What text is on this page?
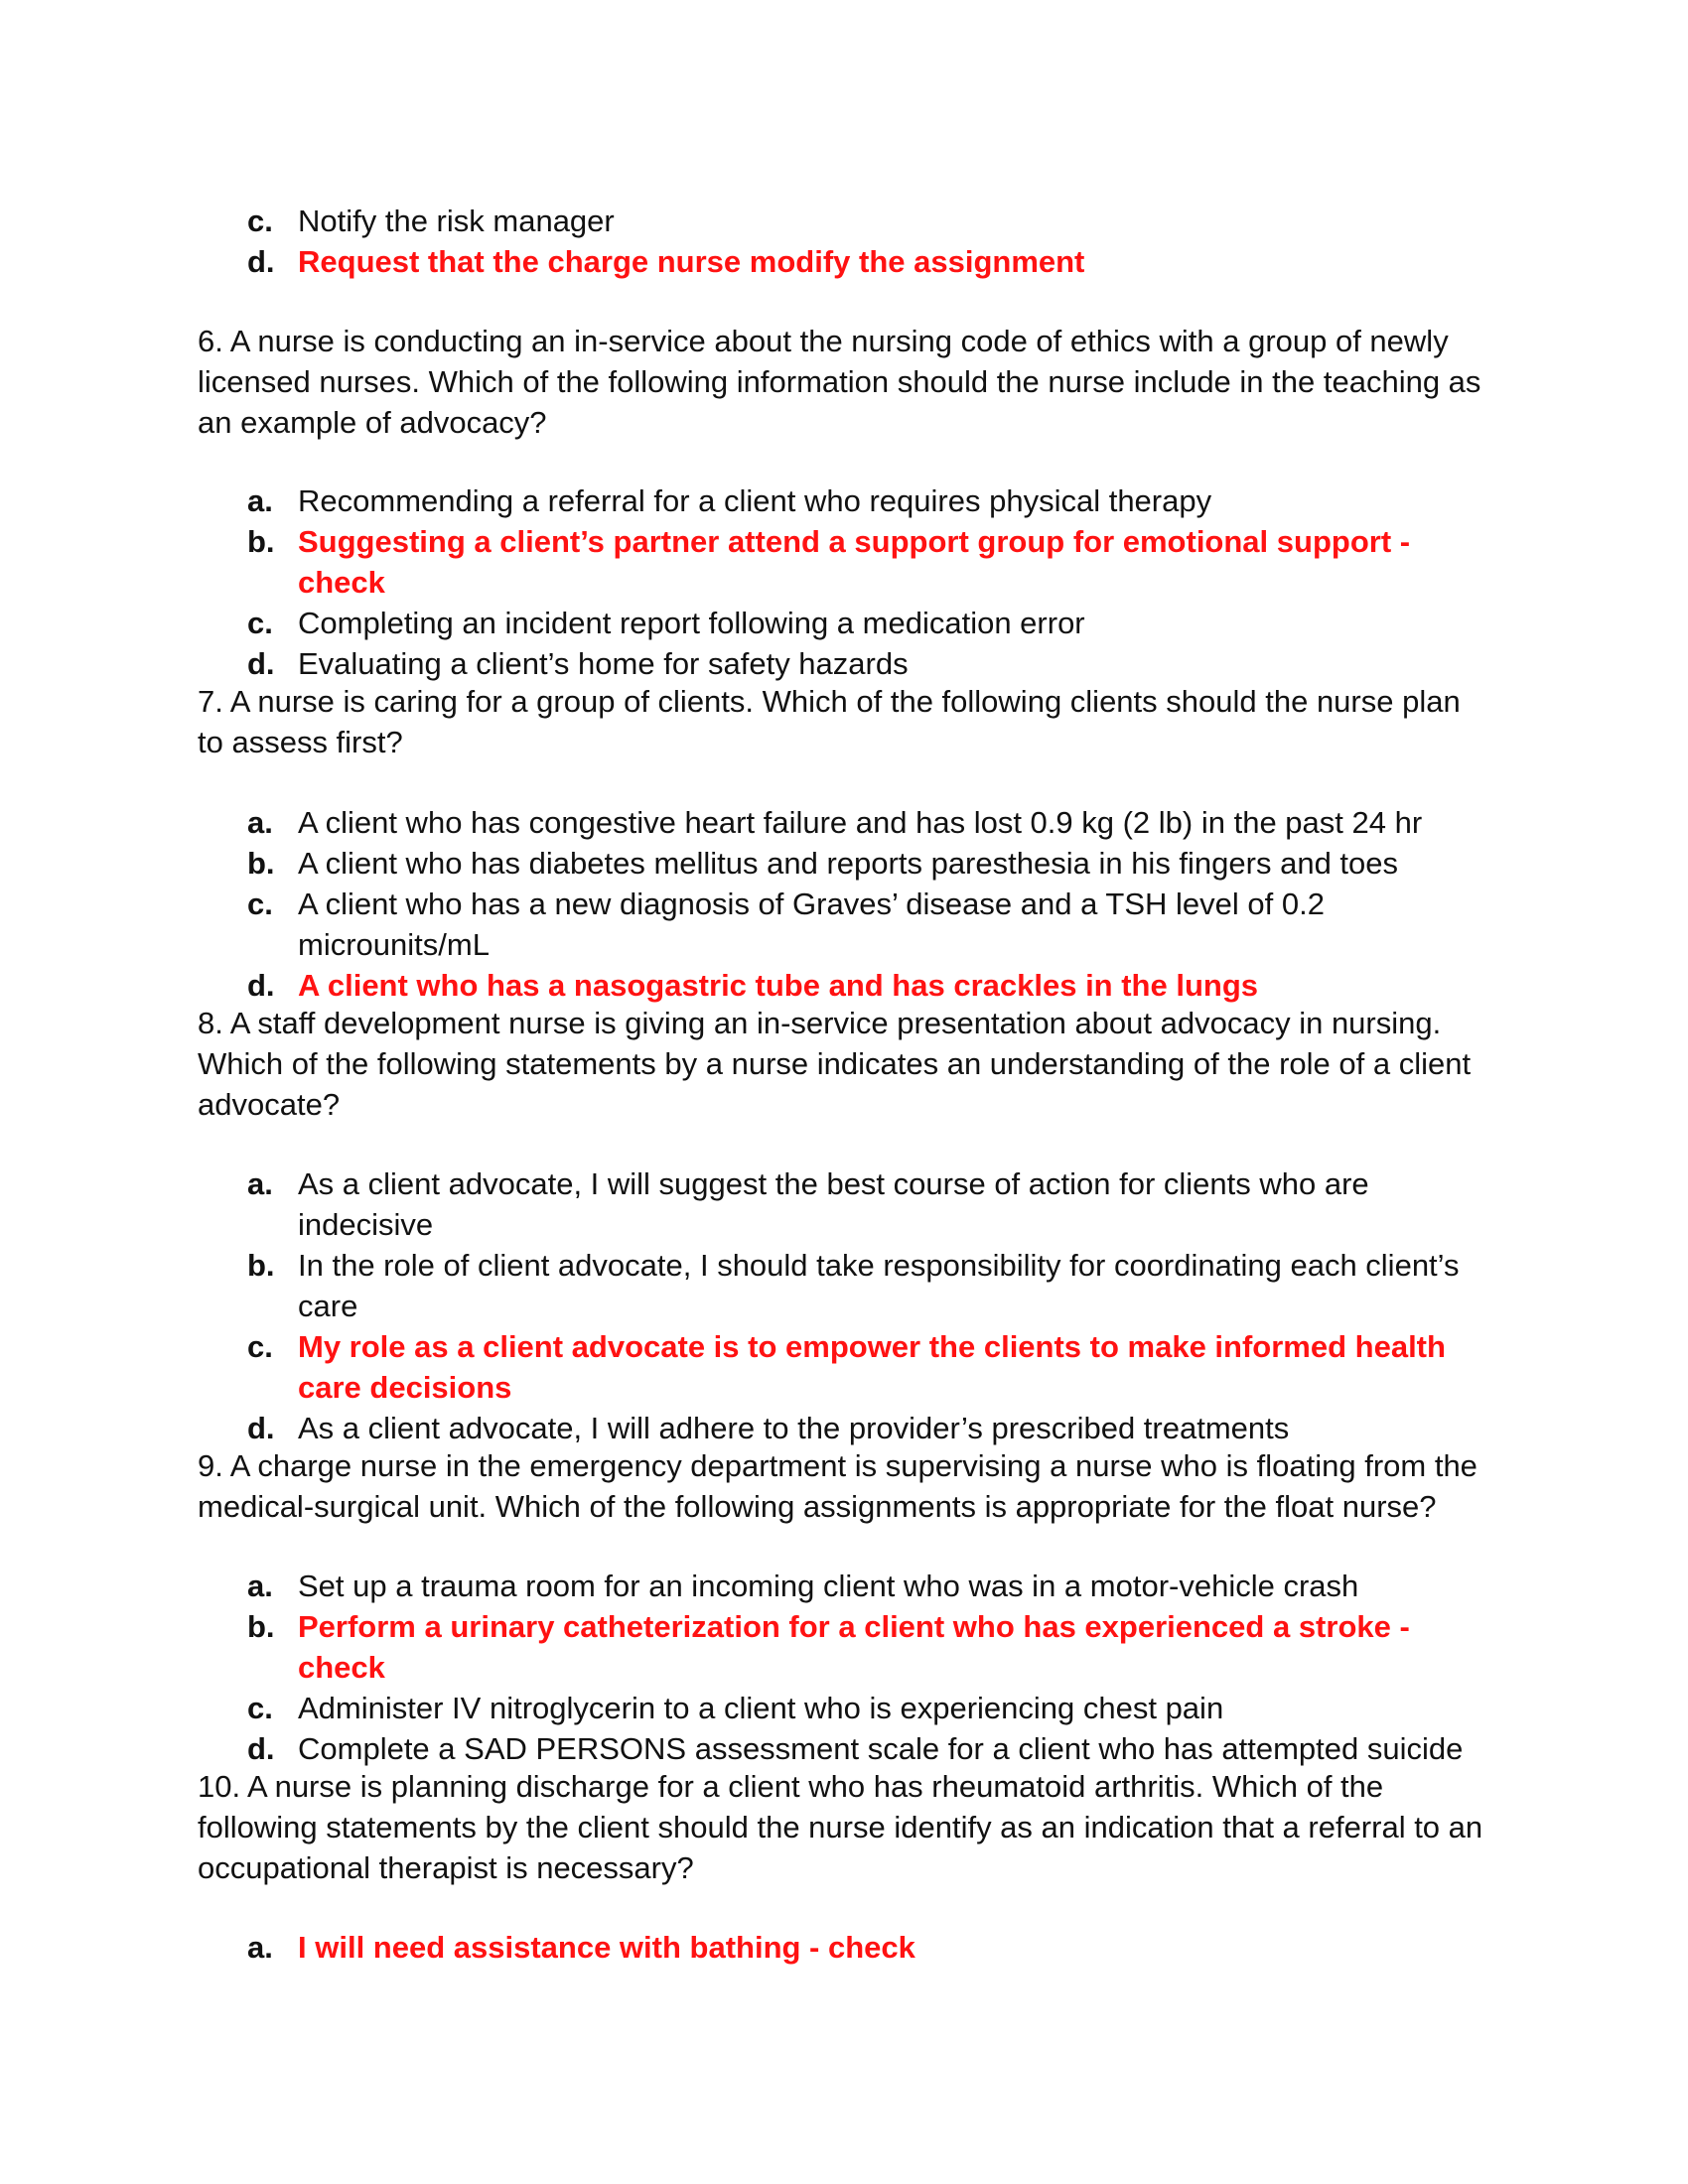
c. Notify the risk manager
d. Request that the charge nurse modify the assignment

6. A nurse is conducting an in-service about the nursing code of ethics with a group of newly licensed nurses. Which of the following information should the nurse include in the teaching as an example of advocacy?

a. Recommending a referral for a client who requires physical therapy
b. Suggesting a client’s partner attend a support group for emotional support - check
c. Completing an incident report following a medication error
d. Evaluating a client’s home for safety hazards

7. A nurse is caring for a group of clients. Which of the following clients should the nurse plan to assess first?

a. A client who has congestive heart failure and has lost 0.9 kg (2 lb) in the past 24 hr
b. A client who has diabetes mellitus and reports paresthesia in his fingers and toes
c. A client who has a new diagnosis of Graves’ disease and a TSH level of 0.2 microunits/mL
d. A client who has a nasogastric tube and has crackles in the lungs

8. A staff development nurse is giving an in-service presentation about advocacy in nursing. Which of the following statements by a nurse indicates an understanding of the role of a client advocate?

a. As a client advocate, I will suggest the best course of action for clients who are indecisive
b. In the role of client advocate, I should take responsibility for coordinating each client’s care
c. My role as a client advocate is to empower the clients to make informed health care decisions
d. As a client advocate, I will adhere to the provider’s prescribed treatments

9. A charge nurse in the emergency department is supervising a nurse who is floating from the medical-surgical unit. Which of the following assignments is appropriate for the float nurse?

a. Set up a trauma room for an incoming client who was in a motor-vehicle crash
b. Perform a urinary catheterization for a client who has experienced a stroke - check
c. Administer IV nitroglycerin to a client who is experiencing chest pain
d. Complete a SAD PERSONS assessment scale for a client who has attempted suicide

10. A nurse is planning discharge for a client who has rheumatoid arthritis. Which of the following statements by the client should the nurse identify as an indication that a referral to an occupational therapist is necessary?

a. I will need assistance with bathing - check
